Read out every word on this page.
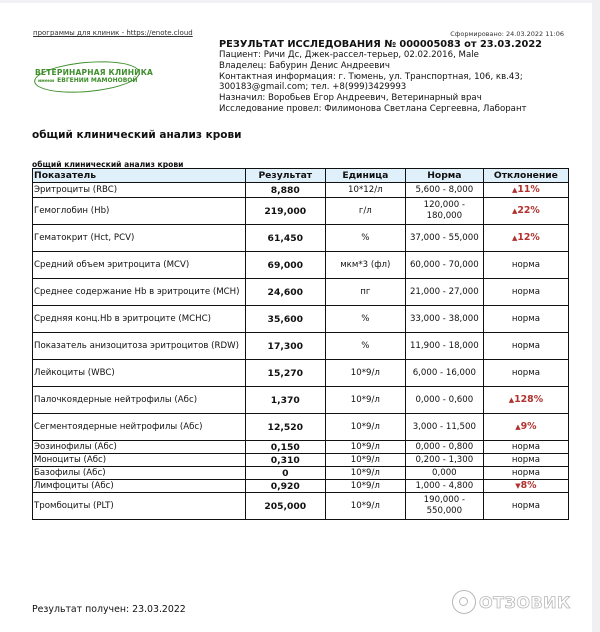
программы для клиник - https://enote.cloud	Сформировано: 24.03.2022 11:06
ВЕТЕРИНАРНАЯ КЛИНИКА
имени ЕВГЕНИИ МАМОНОВОЙ
РЕЗУЛЬТАТ ИССЛЕДОВАНИЯ № 000005083 от 23.03.2022
Пациент: Ричи Дс, Джек-рассел-терьер, 02.02.2016, Male
Владелец: Бабурин Денис Андреевич
Контактная информация: г. Тюмень, ул. Транспортная, 106, кв.43;
300183@gmail.com; тел. +8(999)3429993
Назначил: Воробьев Егор Андреевич, Ветеринарный врач
Исследование провел: Филимонова Светлана Сергеевна, Лаборант
общий клинический анализ крови
общий клинический анализ крови
Показатель	Результат	Единица	Норма	Отклонение
Эритроциты (RBC)	8,880	10*12/л	5,600 - 8,000	▲11%
Гемоглобин (Hb)	219,000	г/л	120,000 - 180,000	▲22%
Гематокрит (Hct, PCV)	61,450	%	37,000 - 55,000	▲12%
Средний объем эритроцита (MCV)	69,000	мкм*3 (фл)	60,000 - 70,000	норма
Среднее содержание Hb в эритроците (MCH)	24,600	пг	21,000 - 27,000	норма
Средняя конц.Hb в эритроците (MCHC)	35,600	%	33,000 - 38,000	норма
Показатель анизоцитоза эритроцитов (RDW)	17,300	%	11,900 - 18,000	норма
Лейкоциты (WBC)	15,270	10*9/л	6,000 - 16,000	норма
Палочкоядерные нейтрофилы (Абс)	1,370	10*9/л	0,000 - 0,600	▲128%
Сегментоядерные нейтрофилы (Абс)	12,520	10*9/л	3,000 - 11,500	▲9%
Эозинофилы (Абс)	0,150	10*9/л	0,000 - 0,800	норма
Моноциты (Абс)	0,310	10*9/л	0,200 - 1,300	норма
Базофилы (Абс)	0	10*9/л	0,000	норма
Лимфоциты (Абс)	0,920	10*9/л	1,000 - 4,800	▼8%
Тромбоциты (PLT)	205,000	10*9/л	190,000 - 550,000	норма
Результат получен: 23.03.2022	ОТЗОВИК
